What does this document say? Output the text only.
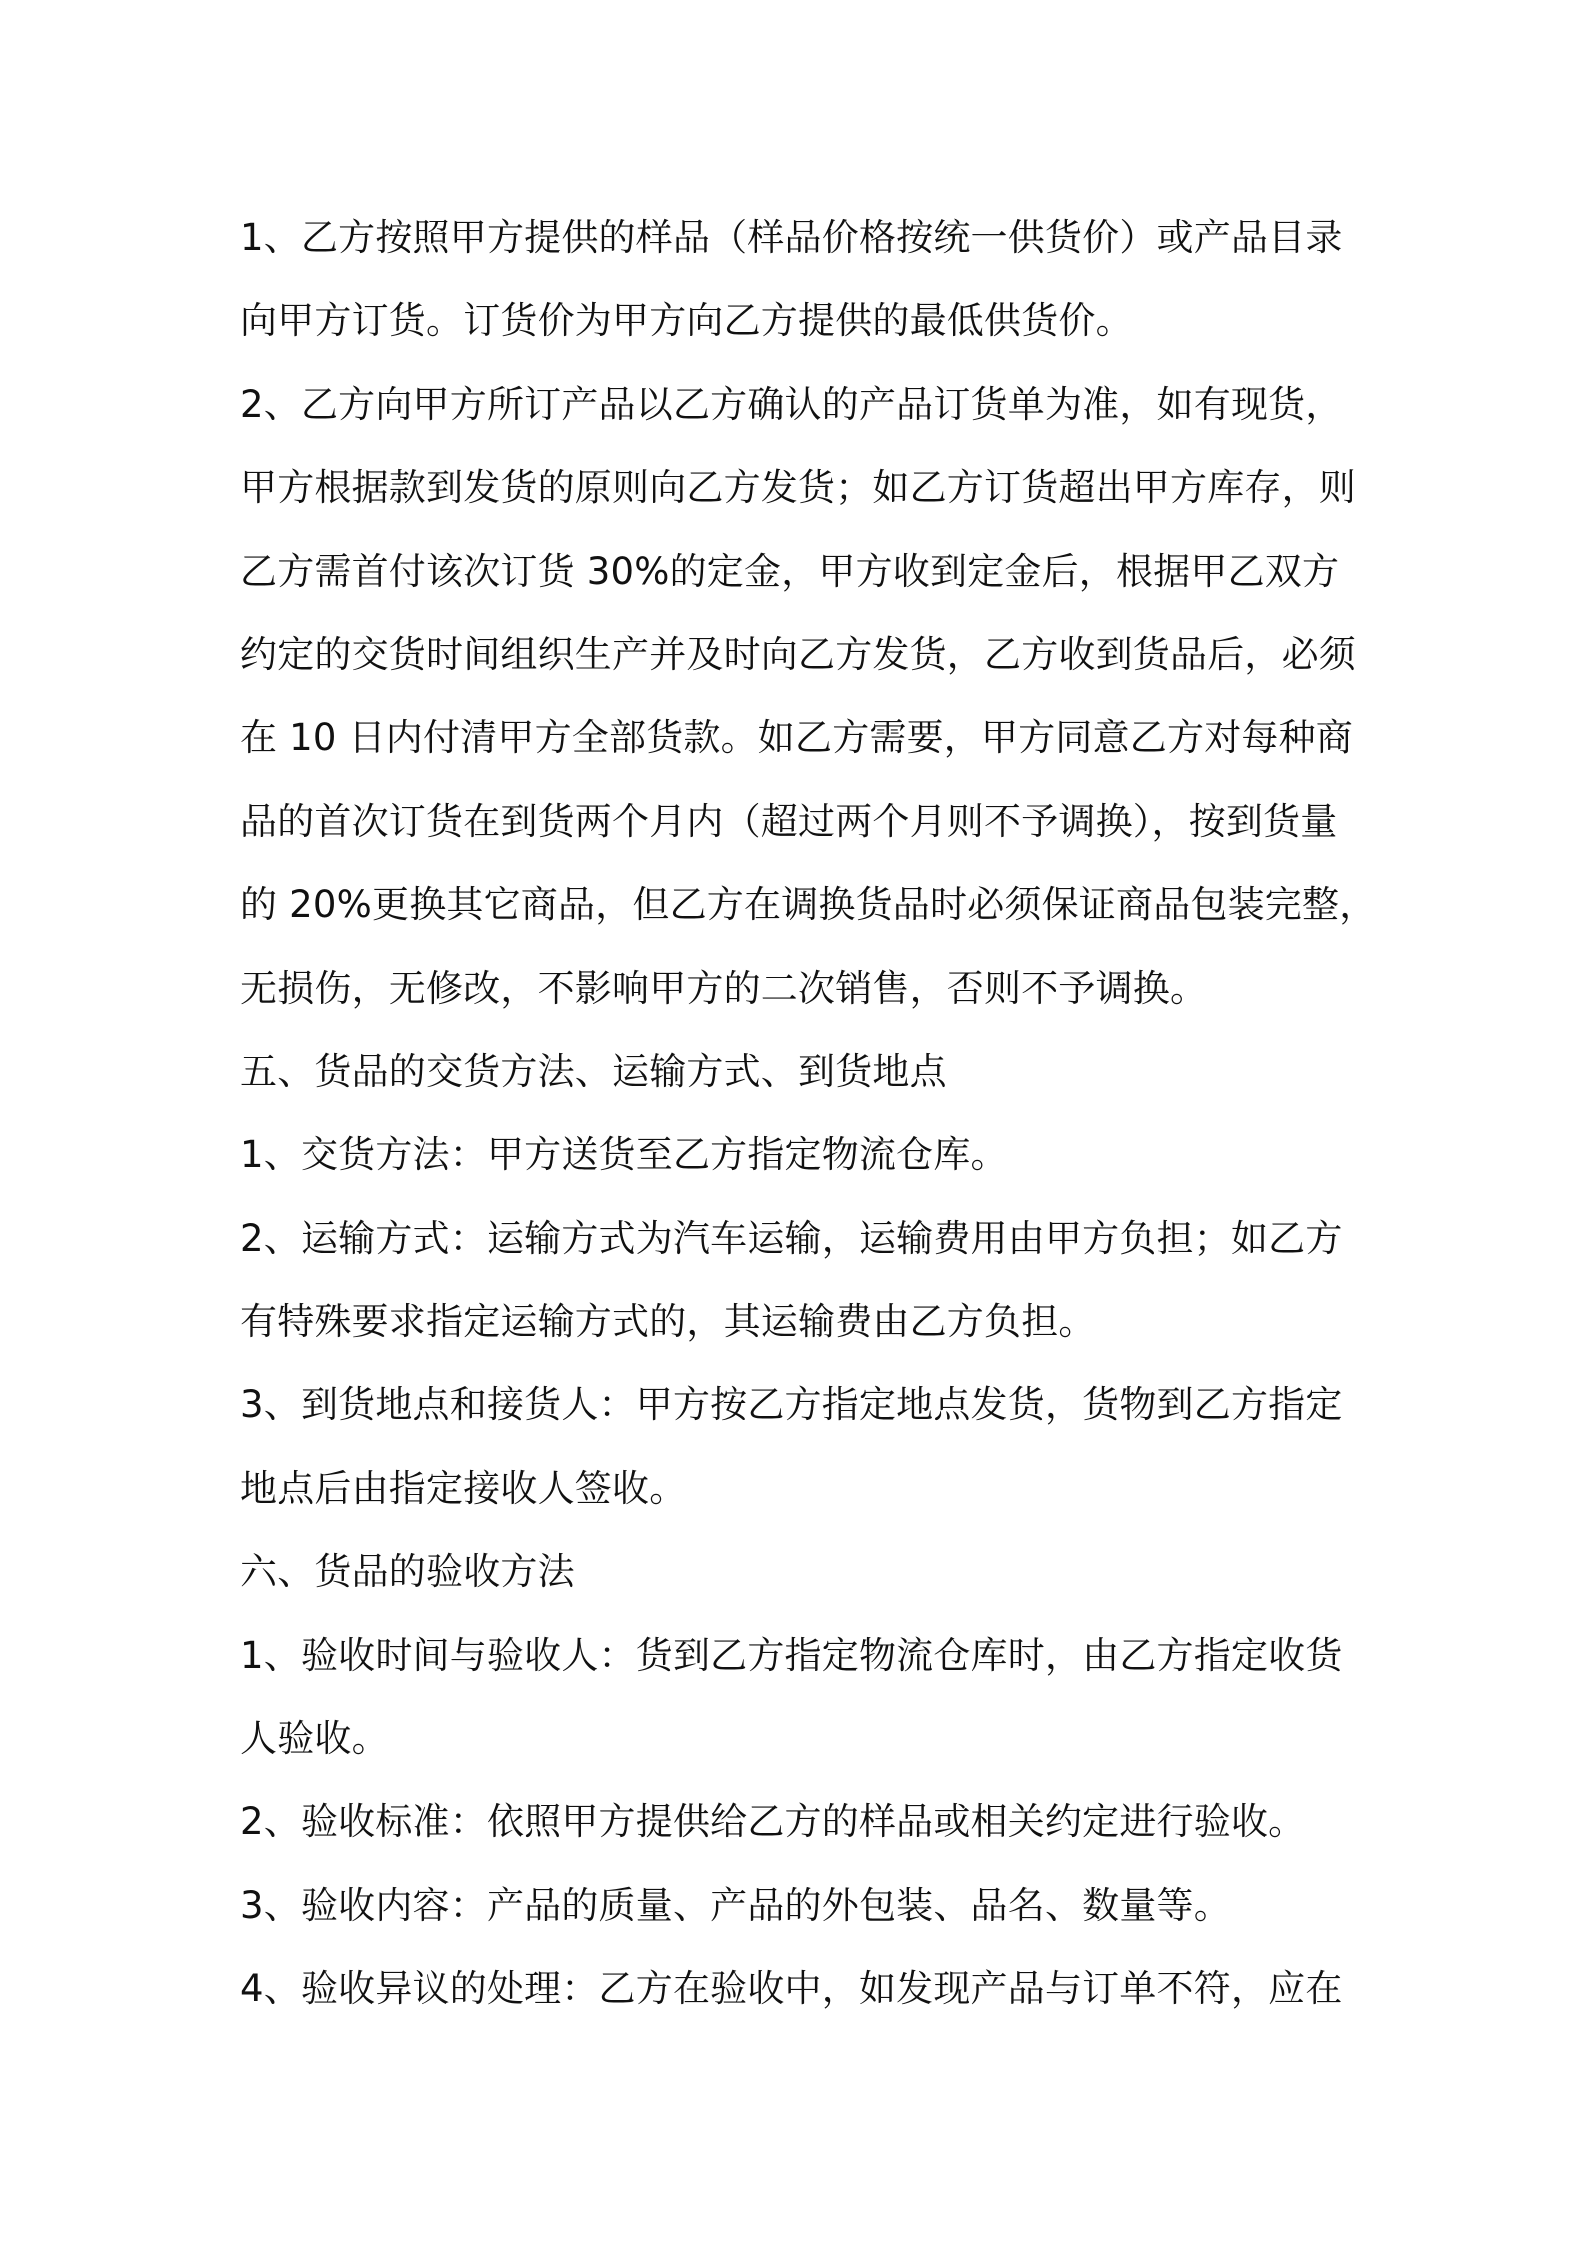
1、乙方按照甲方提供的样品（样品价格按统一供货价）或产品目录
向甲方订货。订货价为甲方向乙方提供的最低供货价。
2、乙方向甲方所订产品以乙方确认的产品订货单为准，如有现货，
甲方根据款到发货的原则向乙方发货；如乙方订货超出甲方库存，则
乙方需首付该次订货 30%的定金，甲方收到定金后，根据甲乙双方
约定的交货时间组织生产并及时向乙方发货，乙方收到货品后，必须
在 10 日内付清甲方全部货款。如乙方需要，甲方同意乙方对每种商
品的首次订货在到货两个月内（超过两个月则不予调换），按到货量
的 20%更换其它商品，但乙方在调换货品时必须保证商品包装完整，
无损伤，无修改，不影响甲方的二次销售，否则不予调换。
五、货品的交货方法、运输方式、到货地点
1、交货方法：甲方送货至乙方指定物流仓库。
2、运输方式：运输方式为汽车运输，运输费用由甲方负担；如乙方
有特殊要求指定运输方式的，其运输费由乙方负担。
3、到货地点和接货人：甲方按乙方指定地点发货，货物到乙方指定
地点后由指定接收人签收。
六、货品的验收方法
1、验收时间与验收人：货到乙方指定物流仓库时，由乙方指定收货
人验收。
2、验收标准：依照甲方提供给乙方的样品或相关约定进行验收。
3、验收内容：产品的质量、产品的外包装、品名、数量等。
4、验收异议的处理：乙方在验收中，如发现产品与订单不符，应在
